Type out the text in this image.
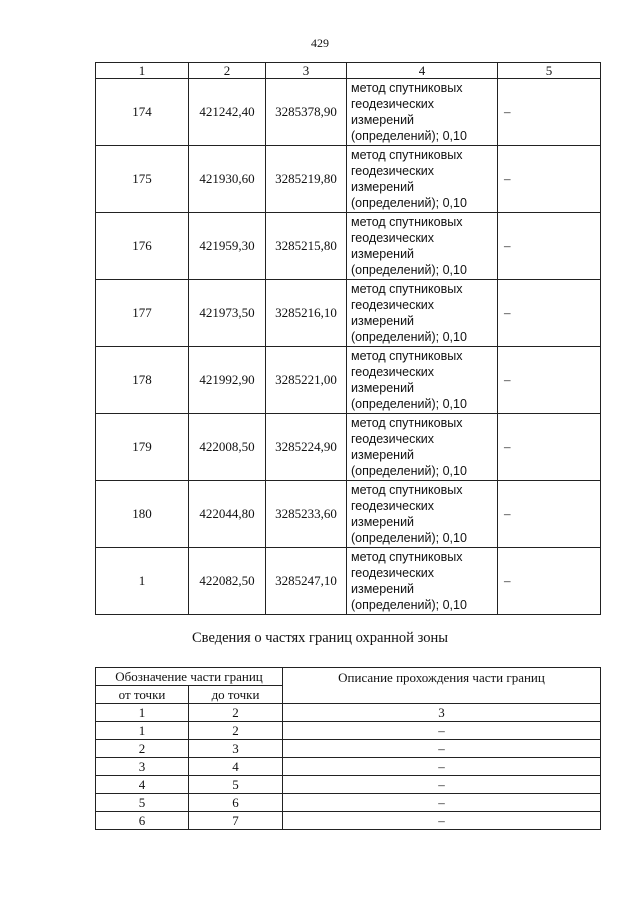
429
1	2	3	4	5
174	421242,40	3285378,90	метод спутниковых
геодезических
измерений
(определений); 0,10	–
175	421930,60	3285219,80	метод спутниковых
геодезических
измерений
(определений); 0,10	–
176	421959,30	3285215,80	метод спутниковых
геодезических
измерений
(определений); 0,10	–
177	421973,50	3285216,10	метод спутниковых
геодезических
измерений
(определений); 0,10	–
178	421992,90	3285221,00	метод спутниковых
геодезических
измерений
(определений); 0,10	–
179	422008,50	3285224,90	метод спутниковых
геодезических
измерений
(определений); 0,10	–
180	422044,80	3285233,60	метод спутниковых
геодезических
измерений
(определений); 0,10	–
1	422082,50	3285247,10	метод спутниковых
геодезических
измерений
(определений); 0,10	–
Сведения о частях границ охранной зоны
Обозначение части границ		Описание прохождения части границ
от точки	до точки	
1	2	3
1	2	–
2	3	–
3	4	–
4	5	–
5	6	–
6	7	–
